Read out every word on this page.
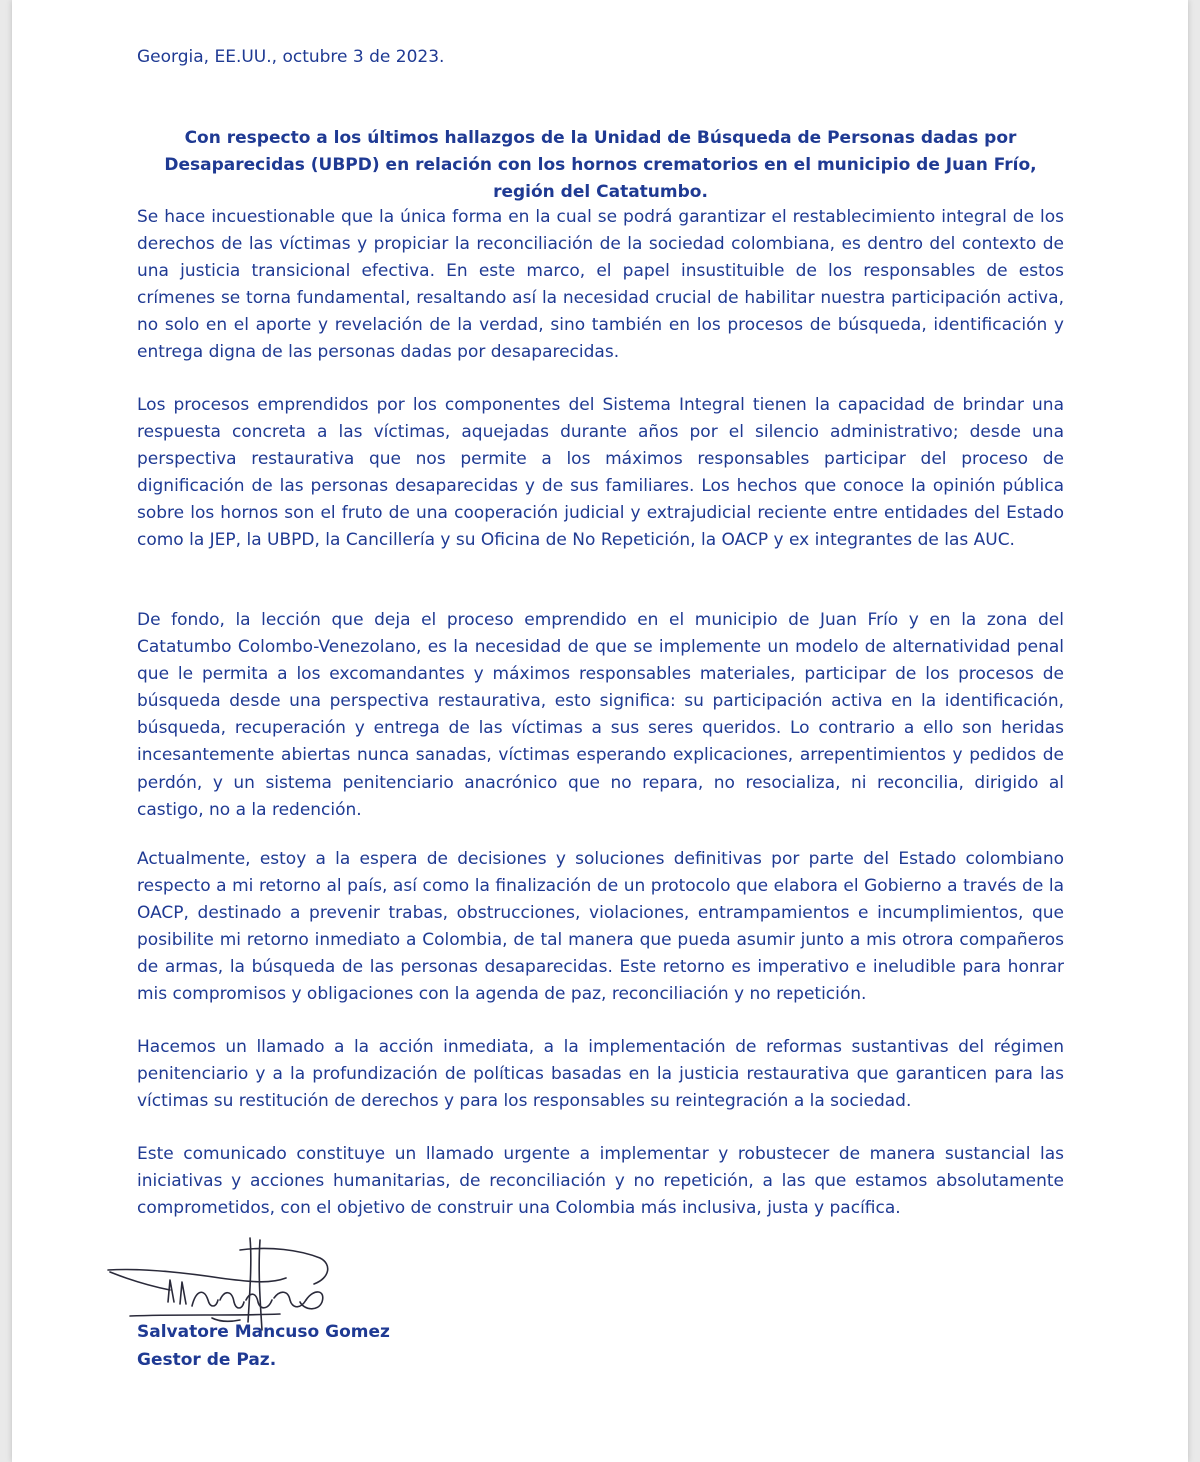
Georgia, EE.UU., octubre 3 de 2023.

Con respecto a los últimos hallazgos de la Unidad de Búsqueda de Personas dadas por Desaparecidas (UBPD) en relación con los hornos crematorios en el municipio de Juan Frío, región del Catatumbo.

Se hace incuestionable que la única forma en la cual se podrá garantizar el restablecimiento integral de los derechos de las víctimas y propiciar la reconciliación de la sociedad colombiana, es dentro del contexto de una justicia transicional efectiva. En este marco, el papel insustituible de los responsables de estos crímenes se torna fundamental, resaltando así la necesidad crucial de habilitar nuestra participación activa, no solo en el aporte y revelación de la verdad, sino también en los procesos de búsqueda, identificación y entrega digna de las personas dadas por desaparecidas.

Los procesos emprendidos por los componentes del Sistema Integral tienen la capacidad de brindar una respuesta concreta a las víctimas, aquejadas durante años por el silencio administrativo; desde una perspectiva restaurativa que nos permite a los máximos responsables participar del proceso de dignificación de las personas desaparecidas y de sus familiares. Los hechos que conoce la opinión pública sobre los hornos son el fruto de una cooperación judicial y extrajudicial reciente entre entidades del Estado como la JEP, la UBPD, la Cancillería y su Oficina de No Repetición, la OACP y ex integrantes de las AUC.

De fondo, la lección que deja el proceso emprendido en el municipio de Juan Frío y en la zona del Catatumbo Colombo-Venezolano, es la necesidad de que se implemente un modelo de alternatividad penal que le permita a los excomandantes y máximos responsables materiales, participar de los procesos de búsqueda desde una perspectiva restaurativa, esto significa: su participación activa en la identificación, búsqueda, recuperación y entrega de las víctimas a sus seres queridos. Lo contrario a ello son heridas incesantemente abiertas nunca sanadas, víctimas esperando explicaciones, arrepentimientos y pedidos de perdón, y un sistema penitenciario anacrónico que no repara, no resocializa, ni reconcilia, dirigido al castigo, no a la redención.

Actualmente, estoy a la espera de decisiones y soluciones definitivas por parte del Estado colombiano respecto a mi retorno al país, así como la finalización de un protocolo que elabora el Gobierno a través de la OACP, destinado a prevenir trabas, obstrucciones, violaciones, entrampamientos e incumplimientos, que posibilite mi retorno inmediato a Colombia, de tal manera que pueda asumir junto a mis otrora compañeros de armas, la búsqueda de las personas desaparecidas. Este retorno es imperativo e ineludible para honrar mis compromisos y obligaciones con la agenda de paz, reconciliación y no repetición.

Hacemos un llamado a la acción inmediata, a la implementación de reformas sustantivas del régimen penitenciario y a la profundización de políticas basadas en la justicia restaurativa que garanticen para las víctimas su restitución de derechos y para los responsables su reintegración a la sociedad.

Este comunicado constituye un llamado urgente a implementar y robustecer de manera sustancial las iniciativas y acciones humanitarias, de reconciliación y no repetición, a las que estamos absolutamente comprometidos, con el objetivo de construir una Colombia más inclusiva, justa y pacífica.

Salvatore Mancuso Gomez
Gestor de Paz.
